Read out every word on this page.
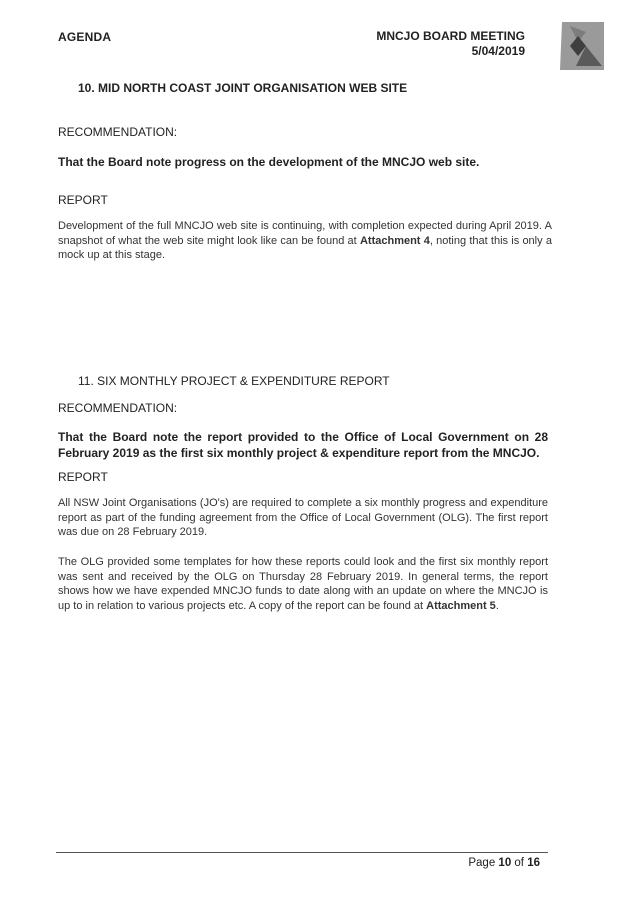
AGENDA	MNCJO BOARD MEETING
5/04/2019
10. MID NORTH COAST JOINT ORGANISATION WEB SITE
RECOMMENDATION:
That the Board note progress on the development of the MNCJO web site.
REPORT
Development of the full MNCJO web site is continuing, with completion expected during April 2019. A snapshot of what the web site might look like can be found at Attachment 4, noting that this is only a mock up at this stage.
11. SIX MONTHLY PROJECT & EXPENDITURE REPORT
RECOMMENDATION:
That the Board note the report provided to the Office of Local Government on 28 February 2019 as the first six monthly project & expenditure report from the MNCJO.
REPORT
All NSW Joint Organisations (JO's) are required to complete a six monthly progress and expenditure report as part of the funding agreement from the Office of Local Government (OLG). The first report was due on 28 February 2019.
The OLG provided some templates for how these reports could look and the first six monthly report was sent and received by the OLG on Thursday 28 February 2019. In general terms, the report shows how we have expended MNCJO funds to date along with an update on where the MNCJO is up to in relation to various projects etc. A copy of the report can be found at Attachment 5.
Page 10 of 16
